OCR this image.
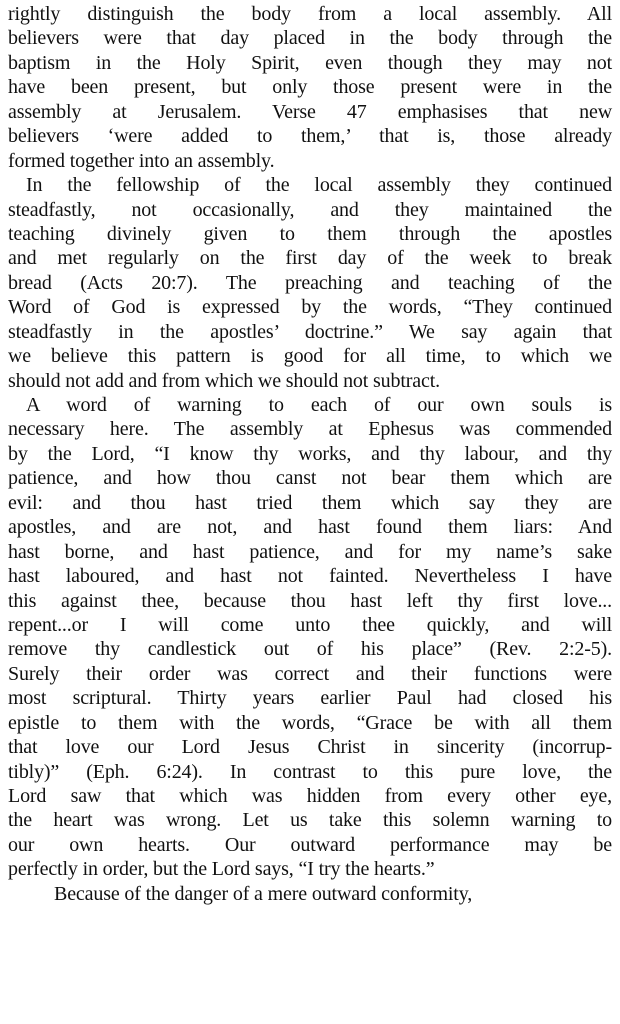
rightly distinguish the body from a local assembly. All
believers were that day placed in the body through the
baptism in the Holy Spirit, even though they may not
have been present, but only those present were in the
assembly at Jerusalem. Verse 47 emphasises that new
believers ‘were added to them,’ that is, those already
formed together into an assembly.
In the fellowship of the local assembly they continued
steadfastly, not occasionally, and they maintained the
teaching divinely given to them through the apostles
and met regularly on the first day of the week to break
bread (Acts 20:7). The preaching and teaching of the
Word of God is expressed by the words, “They continued
steadfastly in the apostles’ doctrine.” We say again that
we believe this pattern is good for all time, to which we
should not add and from which we should not subtract.
A word of warning to each of our own souls is
necessary here. The assembly at Ephesus was commended
by the Lord, “I know thy works, and thy labour, and thy
patience, and how thou canst not bear them which are
evil: and thou hast tried them which say they are
apostles, and are not, and hast found them liars: And
hast borne, and hast patience, and for my name’s sake
hast laboured, and hast not fainted. Nevertheless I have
this against thee, because thou hast left thy first love...
repent...or I will come unto thee quickly, and will
remove thy candlestick out of his place” (Rev. 2:2-5).
Surely their order was correct and their functions were
most scriptural. Thirty years earlier Paul had closed his
epistle to them with the words, “Grace be with all them
that love our Lord Jesus Christ in sincerity (incorrup-
tibly)” (Eph. 6:24). In contrast to this pure love, the
Lord saw that which was hidden from every other eye,
the heart was wrong. Let us take this solemn warning to
our own hearts. Our outward performance may be
perfectly in order, but the Lord says, “I try the hearts.”
Because of the danger of a mere outward conformity,
